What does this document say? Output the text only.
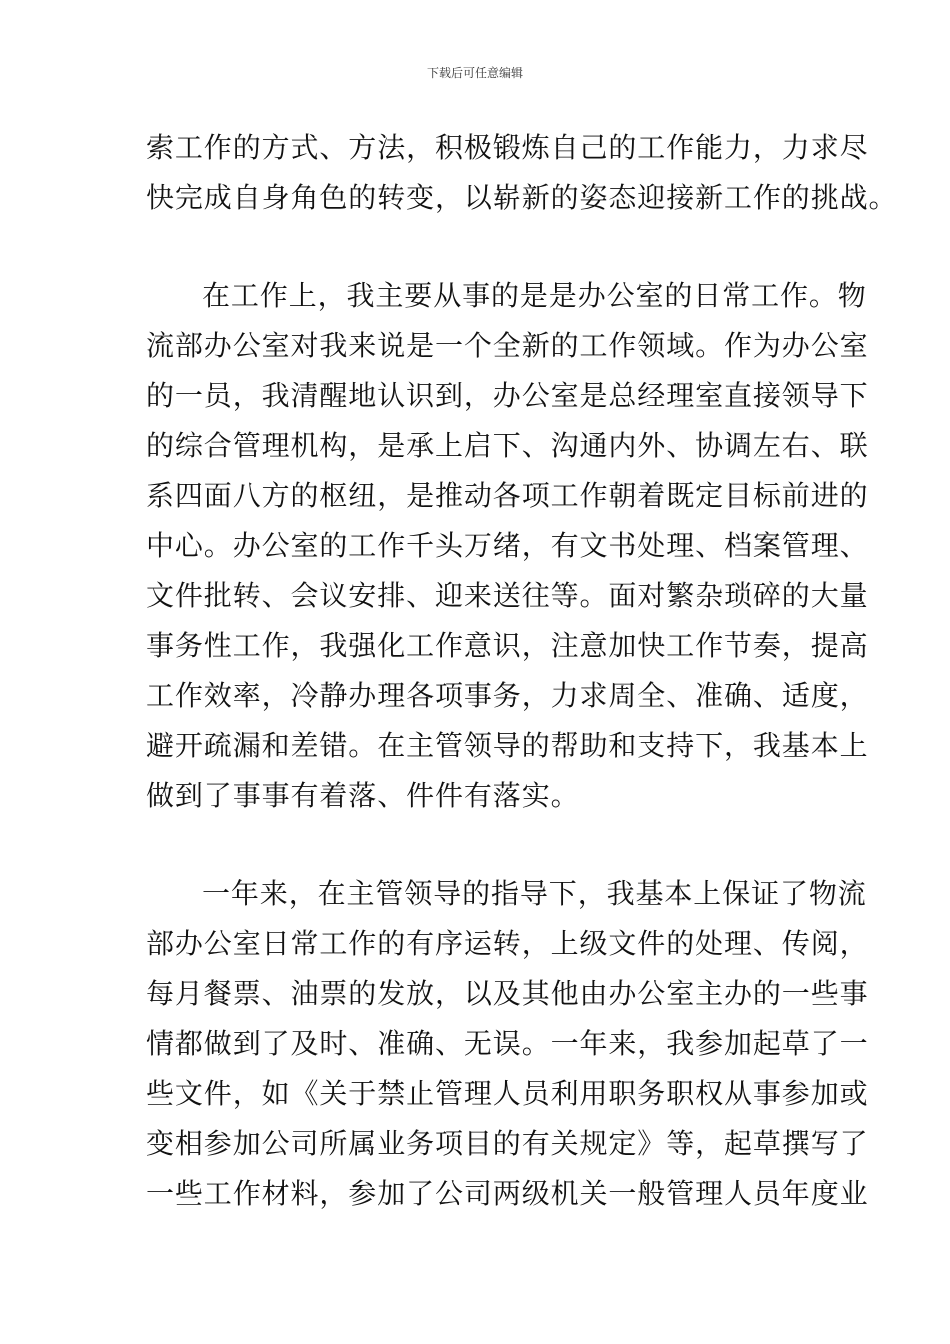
下载后可任意编辑
索工作的方式、方法，积极锻炼自己的工作能力，力求尽
快完成自身角色的转变，以崭新的姿态迎接新工作的挑战。
在工作上，我主要从事的是是办公室的日常工作。物
流部办公室对我来说是一个全新的工作领域。作为办公室
的一员，我清醒地认识到，办公室是总经理室直接领导下
的综合管理机构，是承上启下、沟通内外、协调左右、联
系四面八方的枢纽，是推动各项工作朝着既定目标前进的
中心。办公室的工作千头万绪，有文书处理、档案管理、
文件批转、会议安排、迎来送往等。面对繁杂琐碎的大量
事务性工作，我强化工作意识，注意加快工作节奏，提高
工作效率，冷静办理各项事务，力求周全、准确、适度，
避开疏漏和差错。在主管领导的帮助和支持下，我基本上
做到了事事有着落、件件有落实。
一年来，在主管领导的指导下，我基本上保证了物流
部办公室日常工作的有序运转，上级文件的处理、传阅，
每月餐票、油票的发放，以及其他由办公室主办的一些事
情都做到了及时、准确、无误。一年来，我参加起草了一
些文件，如《关于禁止管理人员利用职务职权从事参加或
变相参加公司所属业务项目的有关规定》等，起草撰写了
一些工作材料，参加了公司两级机关一般管理人员年度业
